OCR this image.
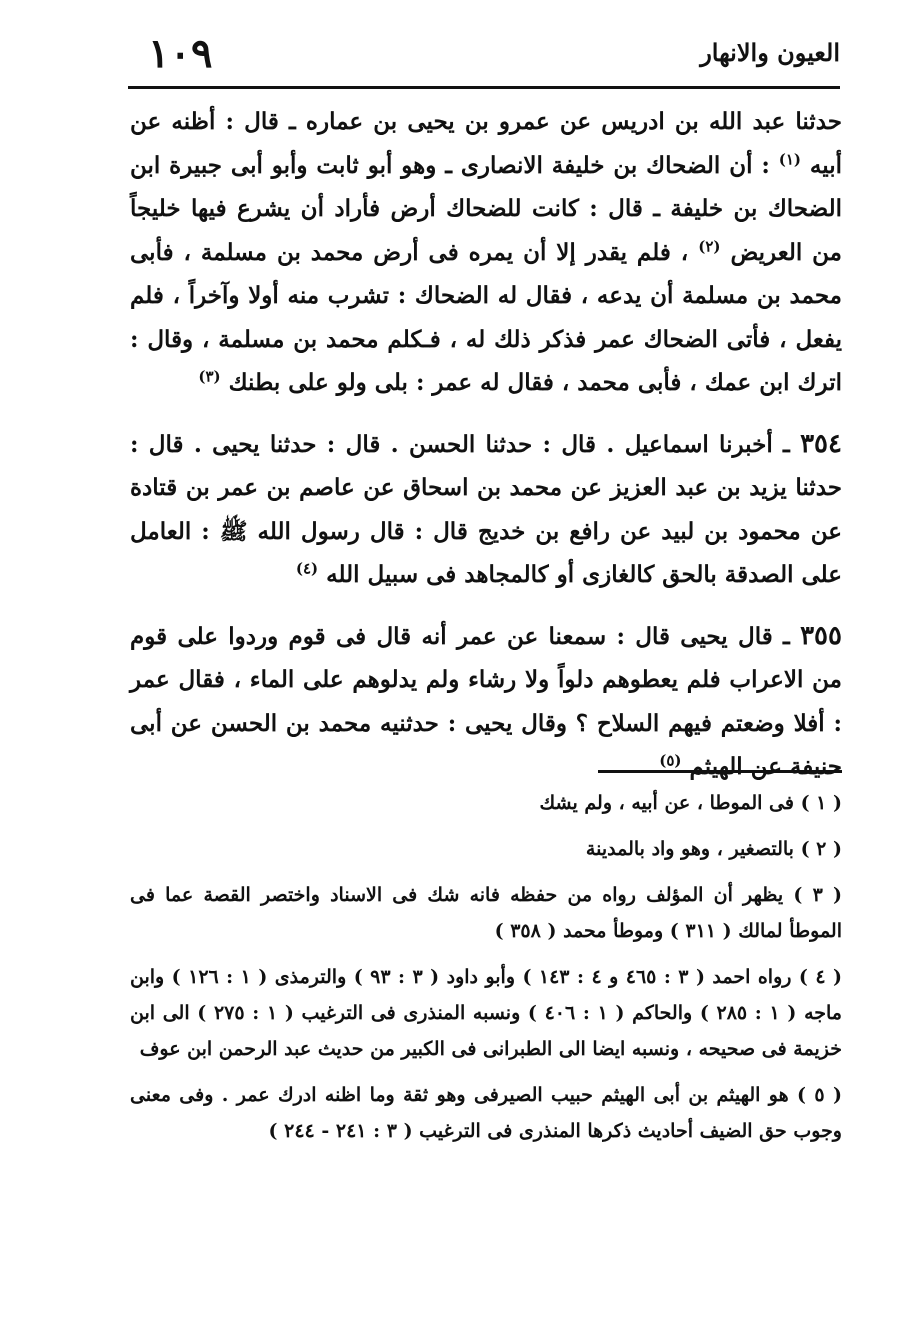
العيون والانهار
١٠٩

حدثنا عبد الله بن ادريس عن عمرو بن يحيى بن عماره ـ قال : أظنه عن أبيه $^{(١)}$ : أن الضحاك بن خليفة الانصارى ـ وهو أبو ثابت وأبو أبى جبيرة ابن الضحاك بن خليفة ـ قال : كانت للضحاك أرض فأراد أن يشرع فيها خليجاً من العريض $^{(٢)}$ ، فلم يقدر إلا أن يمره فى أرض محمد بن مسلمة ، فأبى محمد بن مسلمة أن يدعه ، فقال له الضحاك : تشرب منه أولا وآخراً ، فلم يفعل ، فأتى الضحاك عمر فذكر ذلك له ، فـكلم محمد بن مسلمة ، وقال : اترك ابن عمك ، فأبى محمد ، فقال له عمر : بلى ولو على بطنك $^{(٣)}$

٣٥٤ ـ أخبرنا اسماعيل . قال : حدثنا الحسن . قال : حدثنا يحيى . قال : حدثنا يزيد بن عبد العزيز عن محمد بن اسحاق عن عاصم بن عمر بن قتادة عن محمود بن لبيد عن رافع بن خديج قال : قال رسول الله ﷺ : العامل على الصدقة بالحق كالغازى أو كالمجاهد فى سبيل الله $^{(٤)}$

٣٥٥ ـ قال يحيى قال : سمعنا عن عمر أنه قال فى قوم وردوا على قوم من الاعراب فلم يعطوهم دلواً ولا رشاء ولم يدلوهم على الماء ، فقال عمر : أفلا وضعتم فيهم السلاح ؟ وقال يحيى : حدثنيه محمد بن الحسن عن أبى حنيفة عن الهيثم $^{(٥)}$

( ١ ) فى الموطا ، عن أبيه ، ولم يشك

( ٢ ) بالتصغير ، وهو واد بالمدينة

( ٣ ) يظهر أن المؤلف رواه من حفظه فانه شك فى الاسناد واختصر القصة عما فى الموطأ لمالك ( ٣١١ ) وموطأ محمد ( ٣٥٨ )

( ٤ ) رواه احمد ( ٣ : ٤٦٥ و ٤ : ١٤٣ ) وأبو داود ( ٣ : ٩٣ ) والترمذى ( ١ : ١٢٦ ) وابن ماجه ( ١ : ٢٨٥ ) والحاكم ( ١ : ٤٠٦ ) ونسبه المنذرى فى الترغيب ( ١ : ٢٧٥ ) الى ابن خزيمة فى صحيحه ، ونسبه ايضا الى الطبرانى فى الكبير من حديث عبد الرحمن ابن عوف

( ٥ ) هو الهيثم بن أبى الهيثم حبيب الصيرفى وهو ثقة وما اظنه ادرك عمر . وفى معنى وجوب حق الضيف أحاديث ذكرها المنذرى فى الترغيب ( ٣ : ٢٤١ - ٢٤٤ )
